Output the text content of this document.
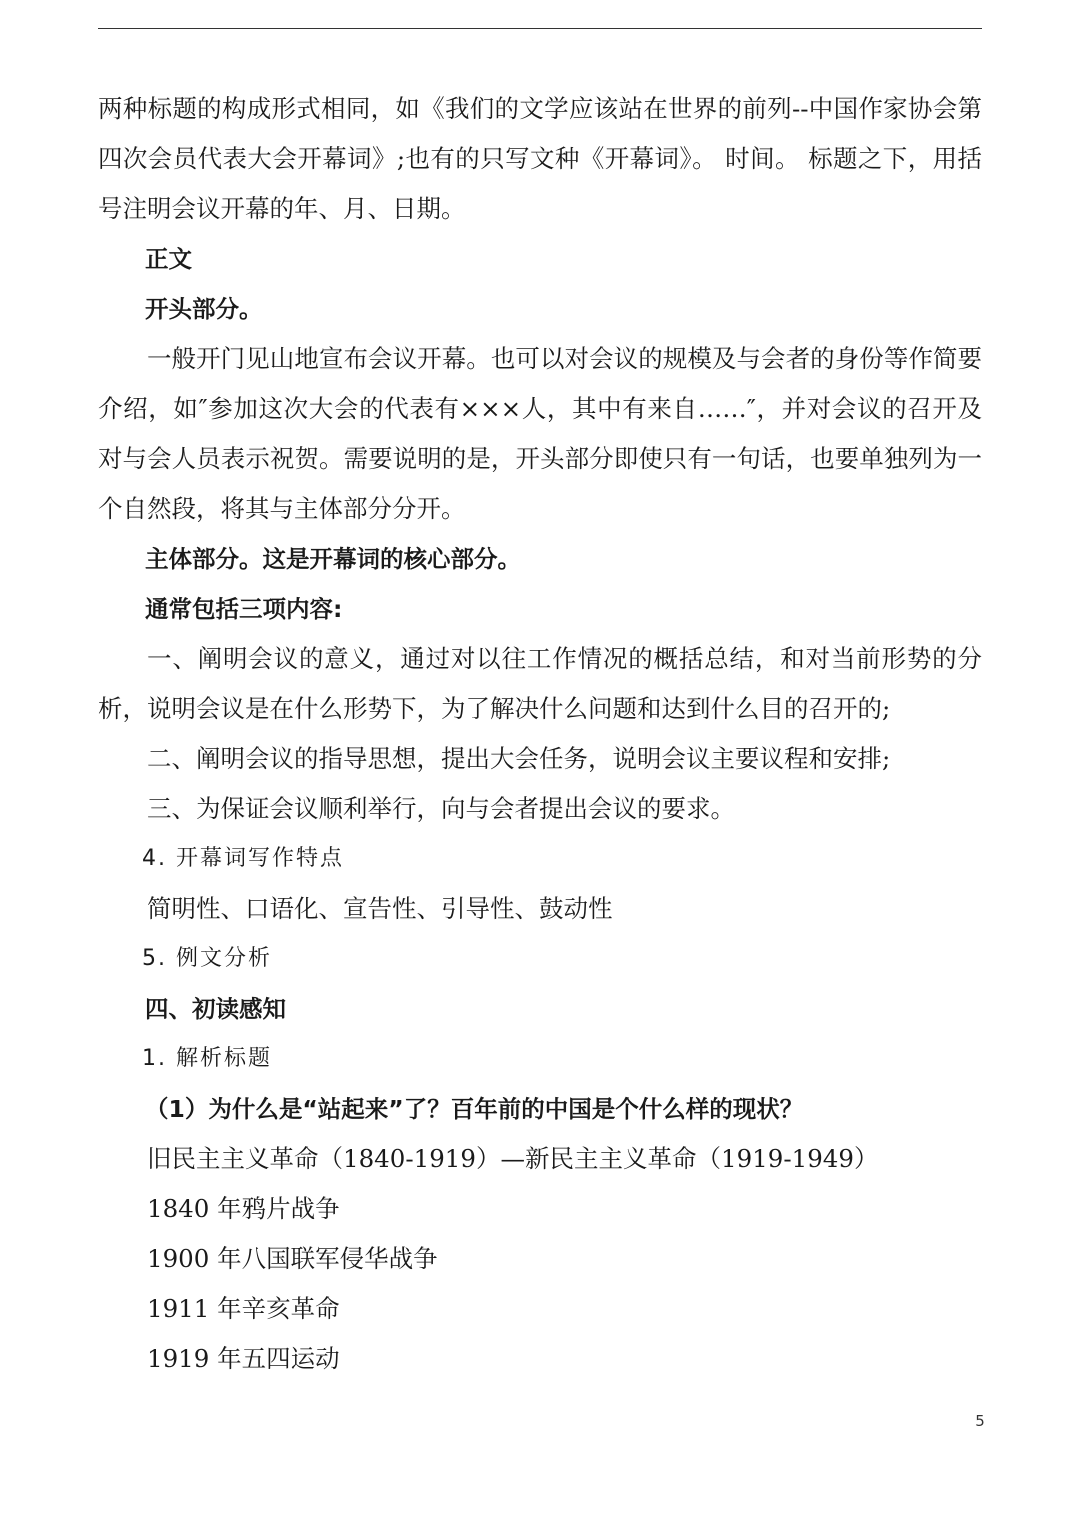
两种标题的构成形式相同，如《我们的文学应该站在世界的前列--中国作家协会第四次会员代表大会开幕词》;也有的只写文种《开幕词》。 时间。 标题之下，用括号注明会议开幕的年、月、日期。

正文

开头部分。

一般开门见山地宣布会议开幕。也可以对会议的规模及与会者的身份等作简要介绍，如″参加这次大会的代表有×××人，其中有来自……″，并对会议的召开及对与会人员表示祝贺。需要说明的是，开头部分即使只有一句话，也要单独列为一个自然段，将其与主体部分分开。

主体部分。这是开幕词的核心部分。

通常包括三项内容:

一、阐明会议的意义，通过对以往工作情况的概括总结，和对当前形势的分析，说明会议是在什么形势下，为了解决什么问题和达到什么目的召开的;

二、阐明会议的指导思想，提出大会任务，说明会议主要议程和安排;

三、为保证会议顺利举行，向与会者提出会议的要求。

4. 开幕词写作特点

简明性、口语化、宣告性、引导性、鼓动性

5. 例文分析

四、初读感知

1. 解析标题

（1）为什么是“站起来”了？百年前的中国是个什么样的现状？

旧民主主义革命（1840-1919）—新民主主义革命（1919-1949）

1840 年鸦片战争

1900 年八国联军侵华战争

1911 年辛亥革命

1919 年五四运动

5
